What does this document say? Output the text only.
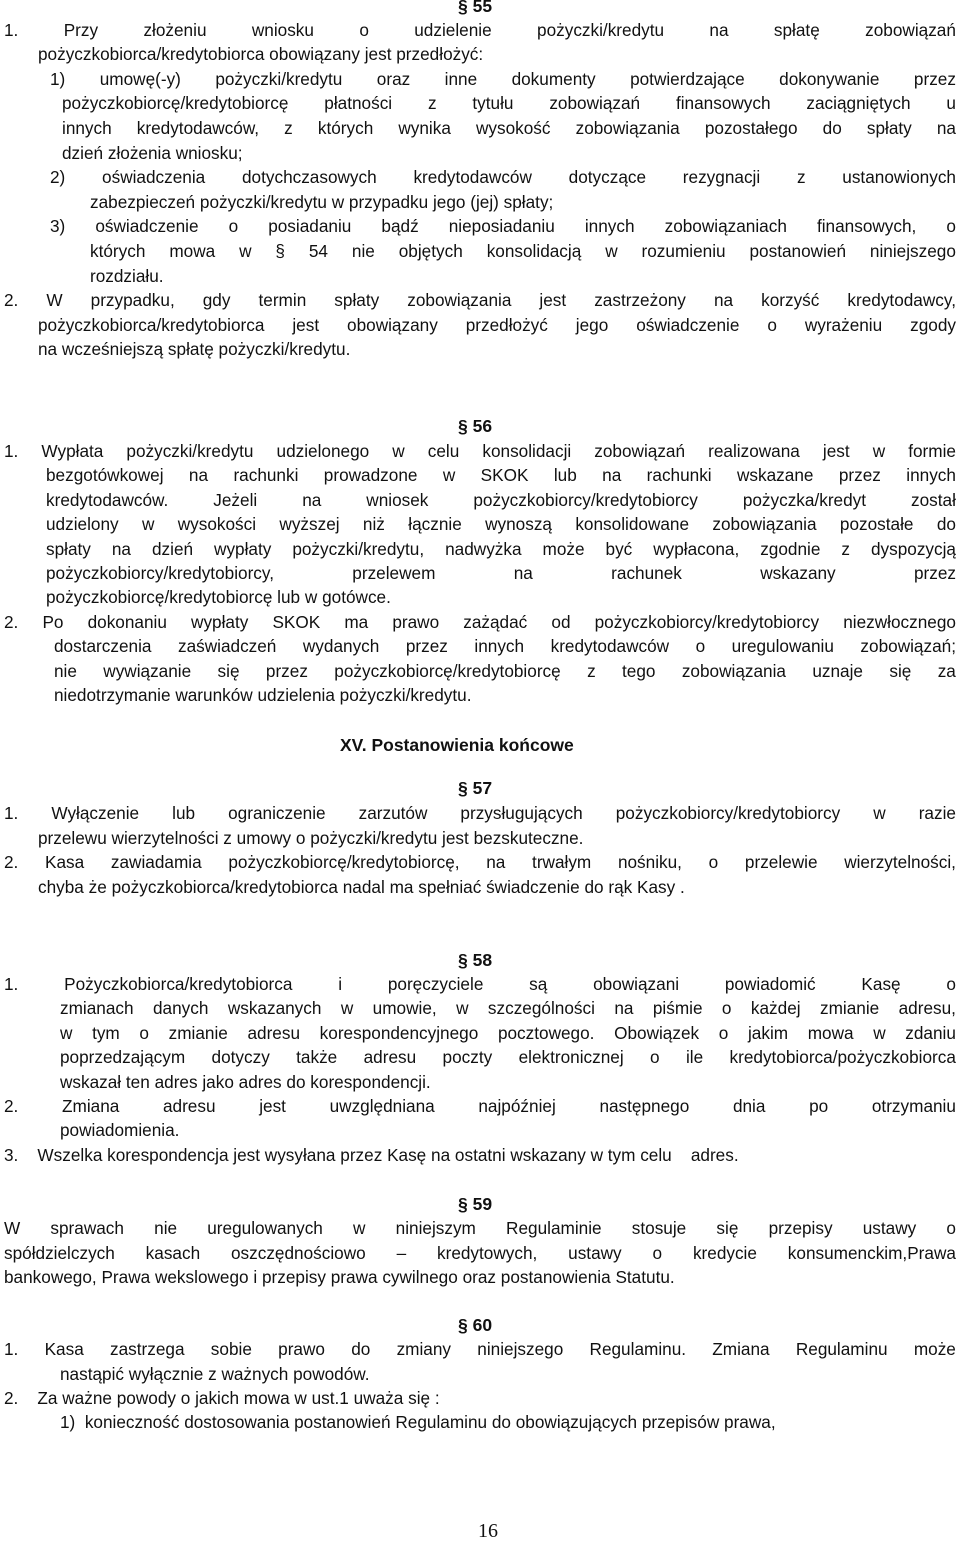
§ 55
1.	Przy	złożeniu	wniosku	o	udzielenie	pożyczki/kredytu	na	spłatę	zobowiązań
pożyczkobiorca/kredytobiorca obowiązany jest przedłożyć:
1) umowę(-y) pożyczki/kredytu oraz inne dokumenty potwierdzające dokonywanie przez
pożyczkobiorcę/kredytobiorcę płatności z tytułu zobowiązań finansowych zaciągniętych u
innych kredytodawców, z których wynika wysokość zobowiązania pozostałego do spłaty na
dzień złożenia wniosku;
2) oświadczenia dotychczasowych kredytodawców dotyczące rezygnacji z ustanowionych
zabezpieczeń pożyczki/kredytu w przypadku jego (jej) spłaty;
3) oświadczenie o posiadaniu bądź nieposiadaniu innych zobowiązaniach finansowych, o
których mowa w § 54 nie objętych konsolidacją w rozumieniu postanowień niniejszego
rozdziału.
2. W przypadku, gdy termin spłaty zobowiązania jest zastrzeżony na korzyść kredytodawcy,
pożyczkobiorca/kredytobiorca jest obowiązany przedłożyć jego oświadczenie o wyrażeniu zgody
na wcześniejszą spłatę pożyczki/kredytu.
§ 56
1. Wypłata pożyczki/kredytu udzielonego w celu konsolidacji zobowiązań realizowana jest w formie
bezgotówkowej na rachunki prowadzone w SKOK lub na rachunki wskazane przez innych
kredytodawców.	Jeżeli	na	wniosek	pożyczkobiorcy/kredytobiorcy	pożyczka/kredyt	został
udzielony w wysokości wyższej niż łącznie wynoszą konsolidowane zobowiązania pozostałe do
spłaty na dzień wypłaty pożyczki/kredytu, nadwyżka może być wypłacona, zgodnie z dyspozycją
pożyczkobiorcy/kredytobiorcy,	przelewem	na	rachunek	wskazany	przez
pożyczkobiorcę/kredytobiorcę lub w gotówce.
2. Po dokonaniu wypłaty SKOK ma prawo zażądać od pożyczkobiorcy/kredytobiorcy niezwłocznego
dostarczenia zaświadczeń wydanych przez innych kredytodawców o uregulowaniu zobowiązań;
nie wywiązanie się przez pożyczkobiorcę/kredytobiorcę z tego zobowiązania uznaje się za
niedotrzymanie warunków udzielenia pożyczki/kredytu.
XV. Postanowienia końcowe
§ 57
1. Wyłączenie lub ograniczenie zarzutów przysługujących pożyczkobiorcy/kredytobiorcy w razie
przelewu wierzytelności z umowy o pożyczki/kredytu jest bezskuteczne.
2. Kasa zawiadamia pożyczkobiorcę/kredytobiorcę, na trwałym nośniku, o przelewie wierzytelności,
chyba że pożyczkobiorca/kredytobiorca nadal ma spełniać świadczenie do rąk Kasy .
§ 58
1.	Pożyczkobiorca/kredytobiorca	i	poręczyciele	są	obowiązani	powiadomić	Kasę	o
zmianach danych wskazanych w umowie, w szczególności na piśmie o każdej zmianie adresu,
w tym o zmianie adresu korespondencyjnego pocztowego. Obowiązek o jakim mowa w zdaniu
poprzedzającym dotyczy także adresu poczty elektronicznej o ile kredytobiorca/pożyczkobiorca
wskazał ten adres jako adres do korespondencji.
2.	Zmiana	adresu	jest	uwzględniana	najpóźniej	następnego	dnia	po	otrzymaniu
powiadomienia.
3.    Wszelka korespondencja jest wysyłana przez Kasę na ostatni wskazany w tym celu    adres.
§ 59
W sprawach nie uregulowanych w niniejszym Regulaminie stosuje się przepisy ustawy o
spółdzielczych kasach oszczędnościowo – kredytowych, ustawy o kredycie konsumenckim,Prawa
bankowego, Prawa wekslowego i przepisy prawa cywilnego oraz postanowienia Statutu.
§ 60
1. Kasa zastrzega sobie prawo do zmiany niniejszego Regulaminu. Zmiana Regulaminu może
nastąpić wyłącznie z ważnych powodów.
2.    Za ważne powody o jakich mowa w ust.1 uważa się :
1)  konieczność dostosowania postanowień Regulaminu do obowiązujących przepisów prawa,
16
